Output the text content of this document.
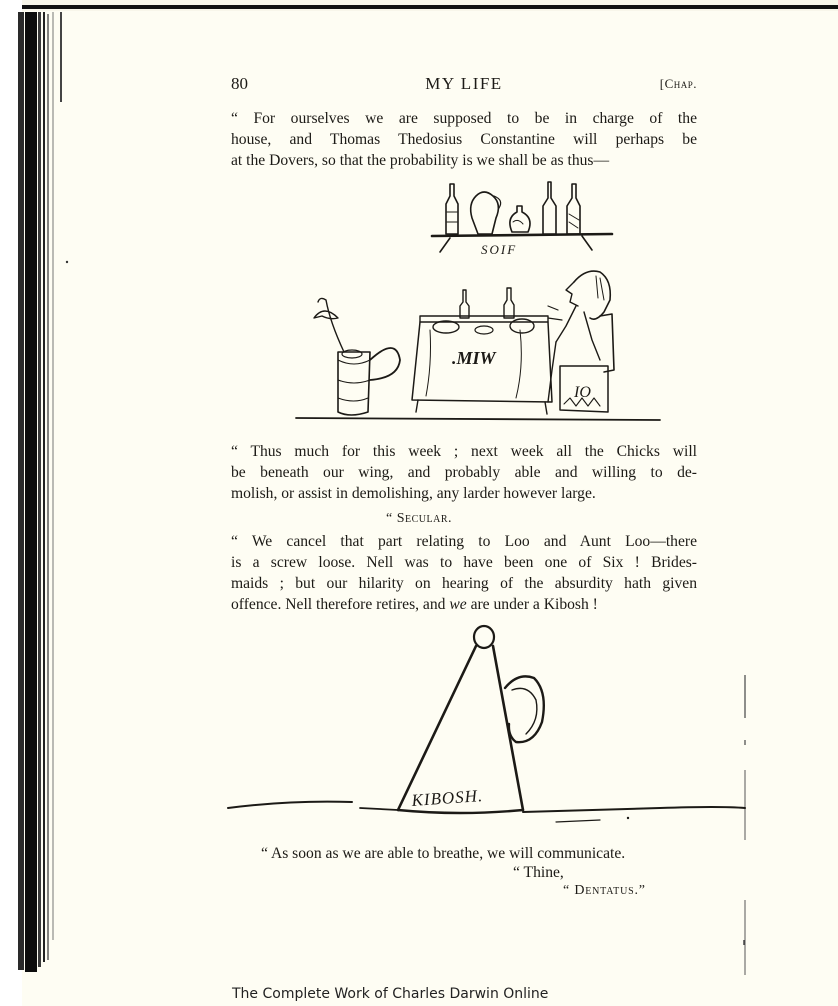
80	MY LIFE	[Chap.

“ For ourselves we are supposed to be in charge of the
house, and Thomas Thedosius Constantine will perhaps be
at the Dovers, so that the probability is we shall be as thus—

SOIF
.MIW
IO

“ Thus much for this week ; next week all the Chicks will
be beneath our wing, and probably able and willing to de-
molish, or assist in demolishing, any larder however large.

“ Secular.

“ We cancel that part relating to Loo and Aunt Loo—there
is a screw loose. Nell was to have been one of Six ! Brides-
maids ; but our hilarity on hearing of the absurdity hath given
offence. Nell therefore retires, and we are under a Kibosh !

KIBOSH.

“ As soon as we are able to breathe, we will communicate.

“ Thine,
“ Dentatus.”
The Complete Work of Charles Darwin Online
